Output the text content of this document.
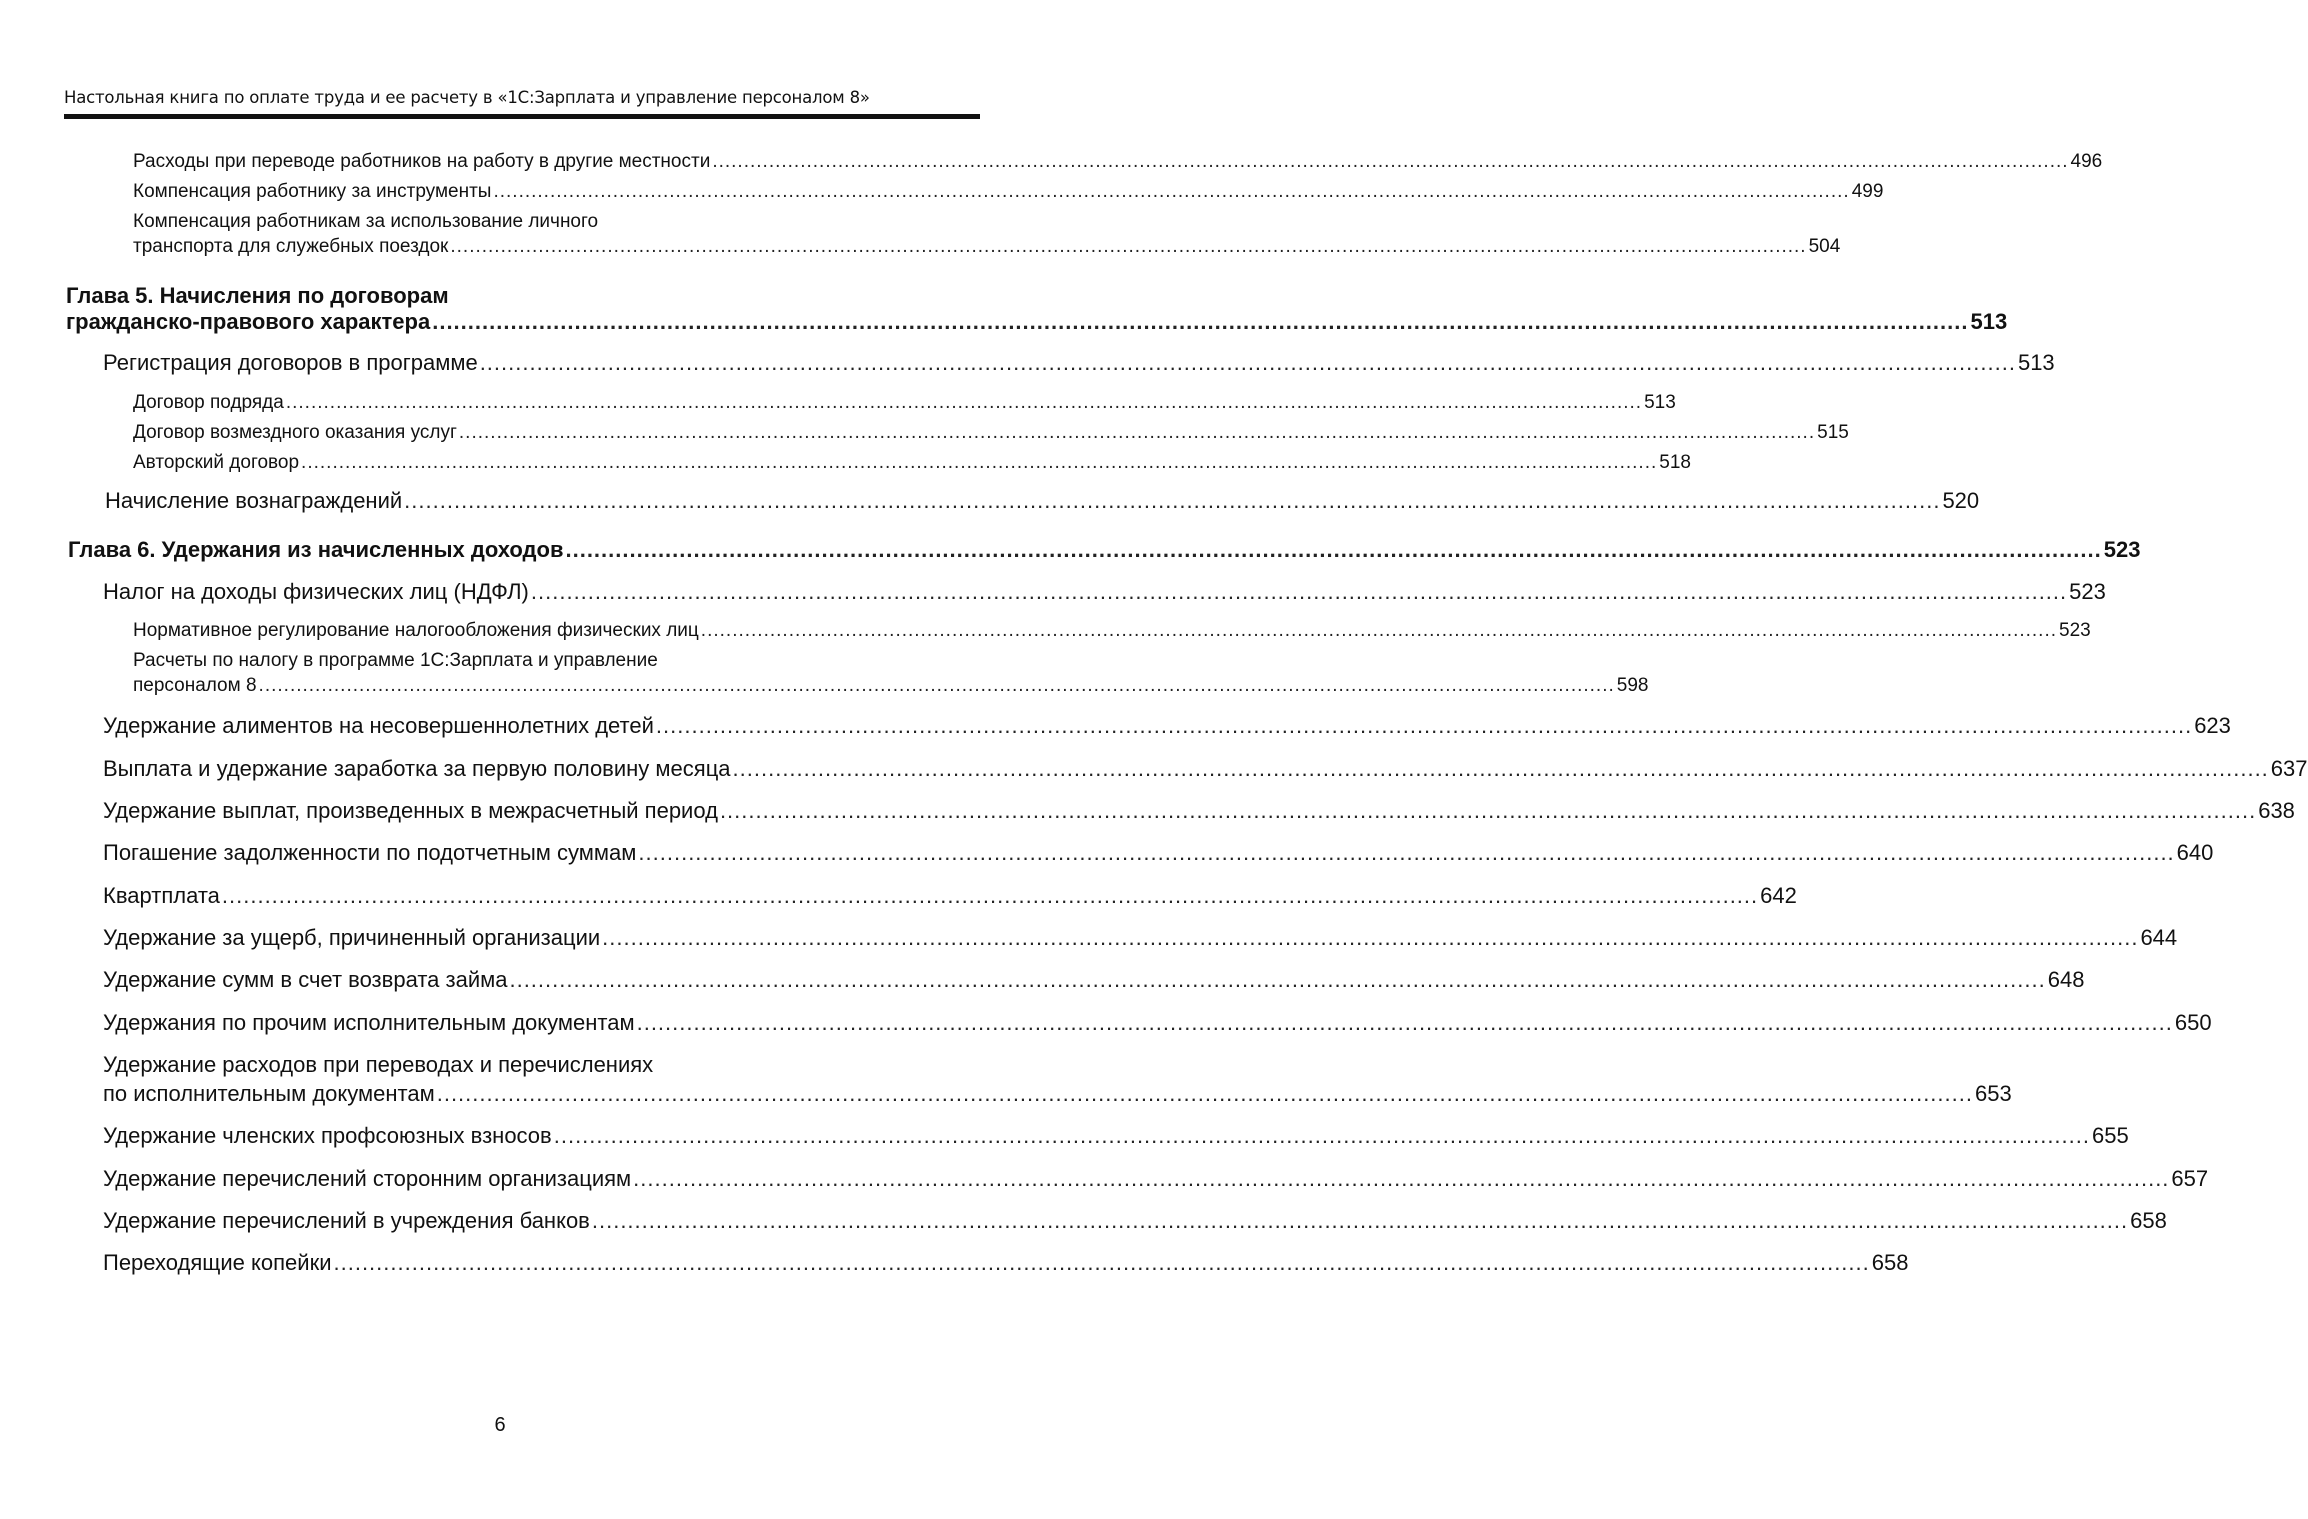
Настольная книга по оплате труда и ее расчету в «1С:Зарплата и управление персоналом 8»
Расходы при переводе работников на работу в другие местности ........................................................................................................................................................................................................................ 496
Компенсация работнику за инструменты ........................................................................................................................................................................................................................ 499
Компенсация работникам за использование личного
транспорта для служебных поездок ........................................................................................................................................................................................................................ 504
Глава 5. Начисления по договорам
гражданско-правового характера ........................................................................................................................................................................................................................ 513
Регистрация договоров в программе ........................................................................................................................................................................................................................ 513
Договор подряда ........................................................................................................................................................................................................................ 513
Договор возмездного оказания услуг ........................................................................................................................................................................................................................ 515
Авторский договор ........................................................................................................................................................................................................................ 518
Начисление вознаграждений ........................................................................................................................................................................................................................ 520
Глава 6. Удержания из начисленных доходов ........................................................................................................................................................................................................................ 523
Налог на доходы физических лиц (НДФЛ) ........................................................................................................................................................................................................................ 523
Нормативное регулирование налогообложения физических лиц ........................................................................................................................................................................................................................ 523
Расчеты по налогу в программе 1С:Зарплата и управление
персоналом 8 ........................................................................................................................................................................................................................ 598
Удержание алиментов на несовершеннолетних детей ........................................................................................................................................................................................................................ 623
Выплата и удержание заработка за первую половину месяца ........................................................................................................................................................................................................................ 637
Удержание выплат, произведенных в межрасчетный период ........................................................................................................................................................................................................................ 638
Погашение задолженности по подотчетным суммам ........................................................................................................................................................................................................................ 640
Квартплата ........................................................................................................................................................................................................................ 642
Удержание за ущерб, причиненный организации ........................................................................................................................................................................................................................ 644
Удержание сумм в счет возврата займа ........................................................................................................................................................................................................................ 648
Удержания по прочим исполнительным документам ........................................................................................................................................................................................................................ 650
Удержание расходов при переводах и перечислениях
по исполнительным документам ........................................................................................................................................................................................................................ 653
Удержание членских профсоюзных взносов ........................................................................................................................................................................................................................ 655
Удержание перечислений сторонним организациям ........................................................................................................................................................................................................................ 657
Удержание перечислений в учреждения банков ........................................................................................................................................................................................................................ 658
Переходящие копейки ........................................................................................................................................................................................................................ 658
6
